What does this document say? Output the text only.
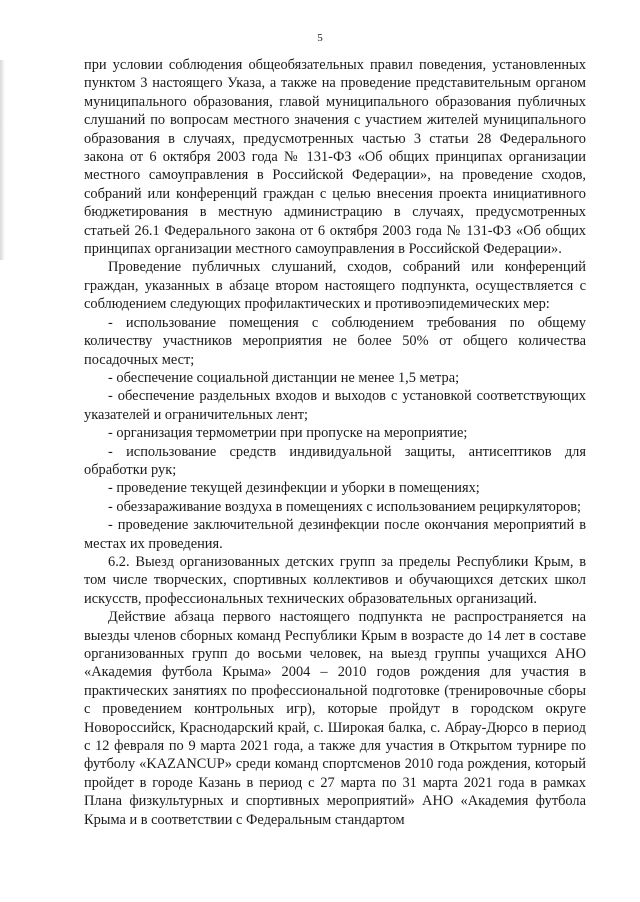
5

при условии соблюдения общеобязательных правил поведения, установленных пунктом 3 настоящего Указа, а также на проведение представительным органом муниципального образования, главой муниципального образования публичных слушаний по вопросам местного значения с участием жителей муниципального образования в случаях, предусмотренных частью 3 статьи 28 Федерального закона от 6 октября 2003 года № 131-ФЗ «Об общих принципах организации местного самоуправления в Российской Федерации», на проведение сходов, собраний или конференций граждан с целью внесения проекта инициативного бюджетирования в местную администрацию в случаях, предусмотренных статьей 26.1 Федерального закона от 6 октября 2003 года № 131-ФЗ «Об общих принципах организации местного самоуправления в Российской Федерации».

Проведение публичных слушаний, сходов, собраний или конференций граждан, указанных в абзаце втором настоящего подпункта, осуществляется с соблюдением следующих профилактических и противоэпидемических мер:

- использование помещения с соблюдением требования по общему количеству участников мероприятия не более 50% от общего количества посадочных мест;

- обеспечение социальной дистанции не менее 1,5 метра;

- обеспечение раздельных входов и выходов с установкой соответствующих указателей и ограничительных лент;

- организация термометрии при пропуске на мероприятие;

- использование средств индивидуальной защиты, антисептиков для обработки рук;

- проведение текущей дезинфекции и уборки в помещениях;

- обеззараживание воздуха в помещениях с использованием рециркуляторов;

- проведение заключительной дезинфекции после окончания мероприятий в местах их проведения.

6.2. Выезд организованных детских групп за пределы Республики Крым, в том числе творческих, спортивных коллективов и обучающихся детских школ искусств, профессиональных технических образовательных организаций.

Действие абзаца первого настоящего подпункта не распространяется на выезды членов сборных команд Республики Крым в возрасте до 14 лет в составе организованных групп до восьми человек, на выезд группы учащихся АНО «Академия футбола Крыма» 2004 – 2010 годов рождения для участия в практических занятиях по профессиональной подготовке (тренировочные сборы с проведением контрольных игр), которые пройдут в городском округе Новороссийск, Краснодарский край, с. Широкая балка, с. Абрау-Дюрсо в период с 12 февраля по 9 марта 2021 года, а также для участия в Открытом турнире по футболу «KAZANCUP» среди команд спортсменов 2010 года рождения, который пройдет в городе Казань в период с 27 марта по 31 марта 2021 года в рамках Плана физкультурных и спортивных мероприятий» АНО «Академия футбола Крыма и в соответствии с Федеральным стандартом
